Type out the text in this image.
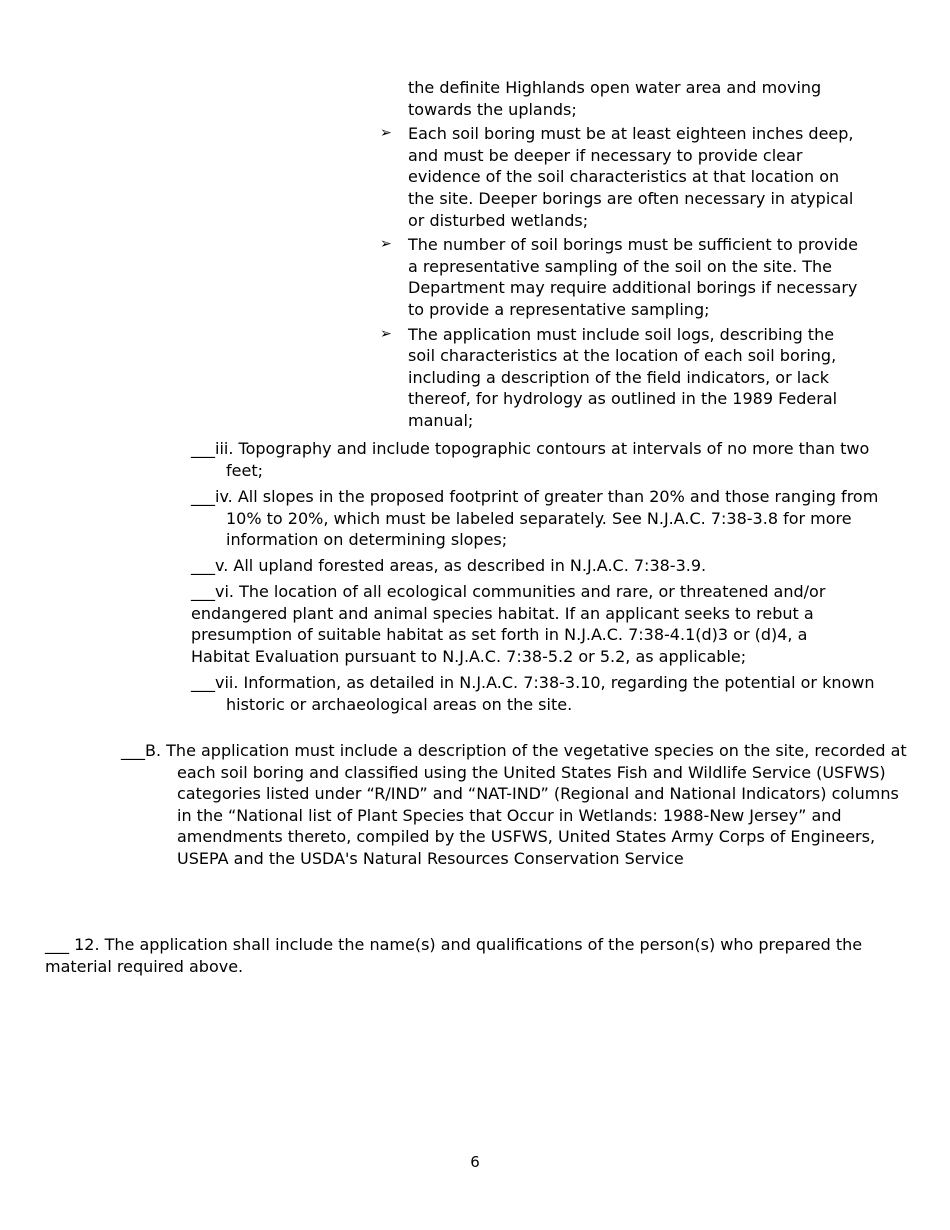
the definite Highlands open water area and moving towards the uplands;
➢ Each soil boring must be at least eighteen inches deep, and must be deeper if necessary to provide clear evidence of the soil characteristics at that location on the site. Deeper borings are often necessary in atypical or disturbed wetlands;
➢ The number of soil borings must be sufficient to provide a representative sampling of the soil on the site. The Department may require additional borings if necessary to provide a representative sampling;
➢ The application must include soil logs, describing the soil characteristics at the location of each soil boring, including a description of the field indicators, or lack thereof, for hydrology as outlined in the 1989 Federal manual;

___iii. Topography and include topographic contours at intervals of no more than two feet;

___iv. All slopes in the proposed footprint of greater than 20% and those ranging from 10% to 20%, which must be labeled separately. See N.J.A.C. 7:38-3.8 for more information on determining slopes;

___v. All upland forested areas, as described in N.J.A.C. 7:38-3.9.

___vi. The location of all ecological communities and rare, or threatened and/or endangered plant and animal species habitat. If an applicant seeks to rebut a presumption of suitable habitat as set forth in N.J.A.C. 7:38-4.1(d)3 or (d)4, a Habitat Evaluation pursuant to N.J.A.C. 7:38-5.2 or 5.2, as applicable;

___vii. Information, as detailed in N.J.A.C. 7:38-3.10, regarding the potential or known historic or archaeological areas on the site.

___B. The application must include a description of the vegetative species on the site, recorded at each soil boring and classified using the United States Fish and Wildlife Service (USFWS) categories listed under “R/IND” and “NAT-IND” (Regional and National Indicators) columns in the “National list of Plant Species that Occur in Wetlands: 1988-New Jersey” and amendments thereto, compiled by the USFWS, United States Army Corps of Engineers, USEPA and the USDA's Natural Resources Conservation Service

___ 12. The application shall include the name(s) and qualifications of the person(s) who prepared the material required above.

6
